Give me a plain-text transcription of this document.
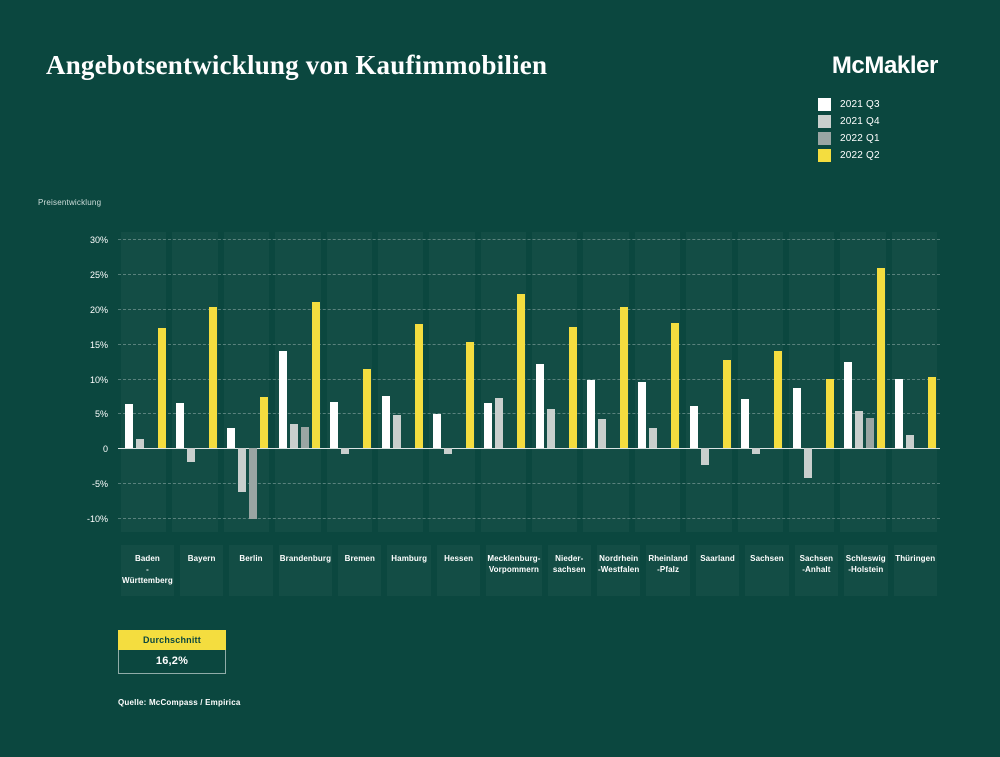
Angebotsentwicklung von Kaufimmobilien	McMakler
2021 Q3
2021 Q4
2022 Q1
2022 Q2
Preisentwicklung
30%
25%
20%
15%
10%
5%
0
-5%
-10%
Baden
-Württemberg
Bayern	Berlin	Brandenburg	Bremen	Hamburg	Hessen	Mecklenburg-
Vorpommern
Nieder-
sachsen
Nordrhein
-Westfalen
Rheinland
-Pfalz
Saarland	Sachsen	Sachsen
-Anhalt
Schleswig
-Holstein
Thüringen
Durchschnitt
16,2%
Quelle: McCompass / Empirica
